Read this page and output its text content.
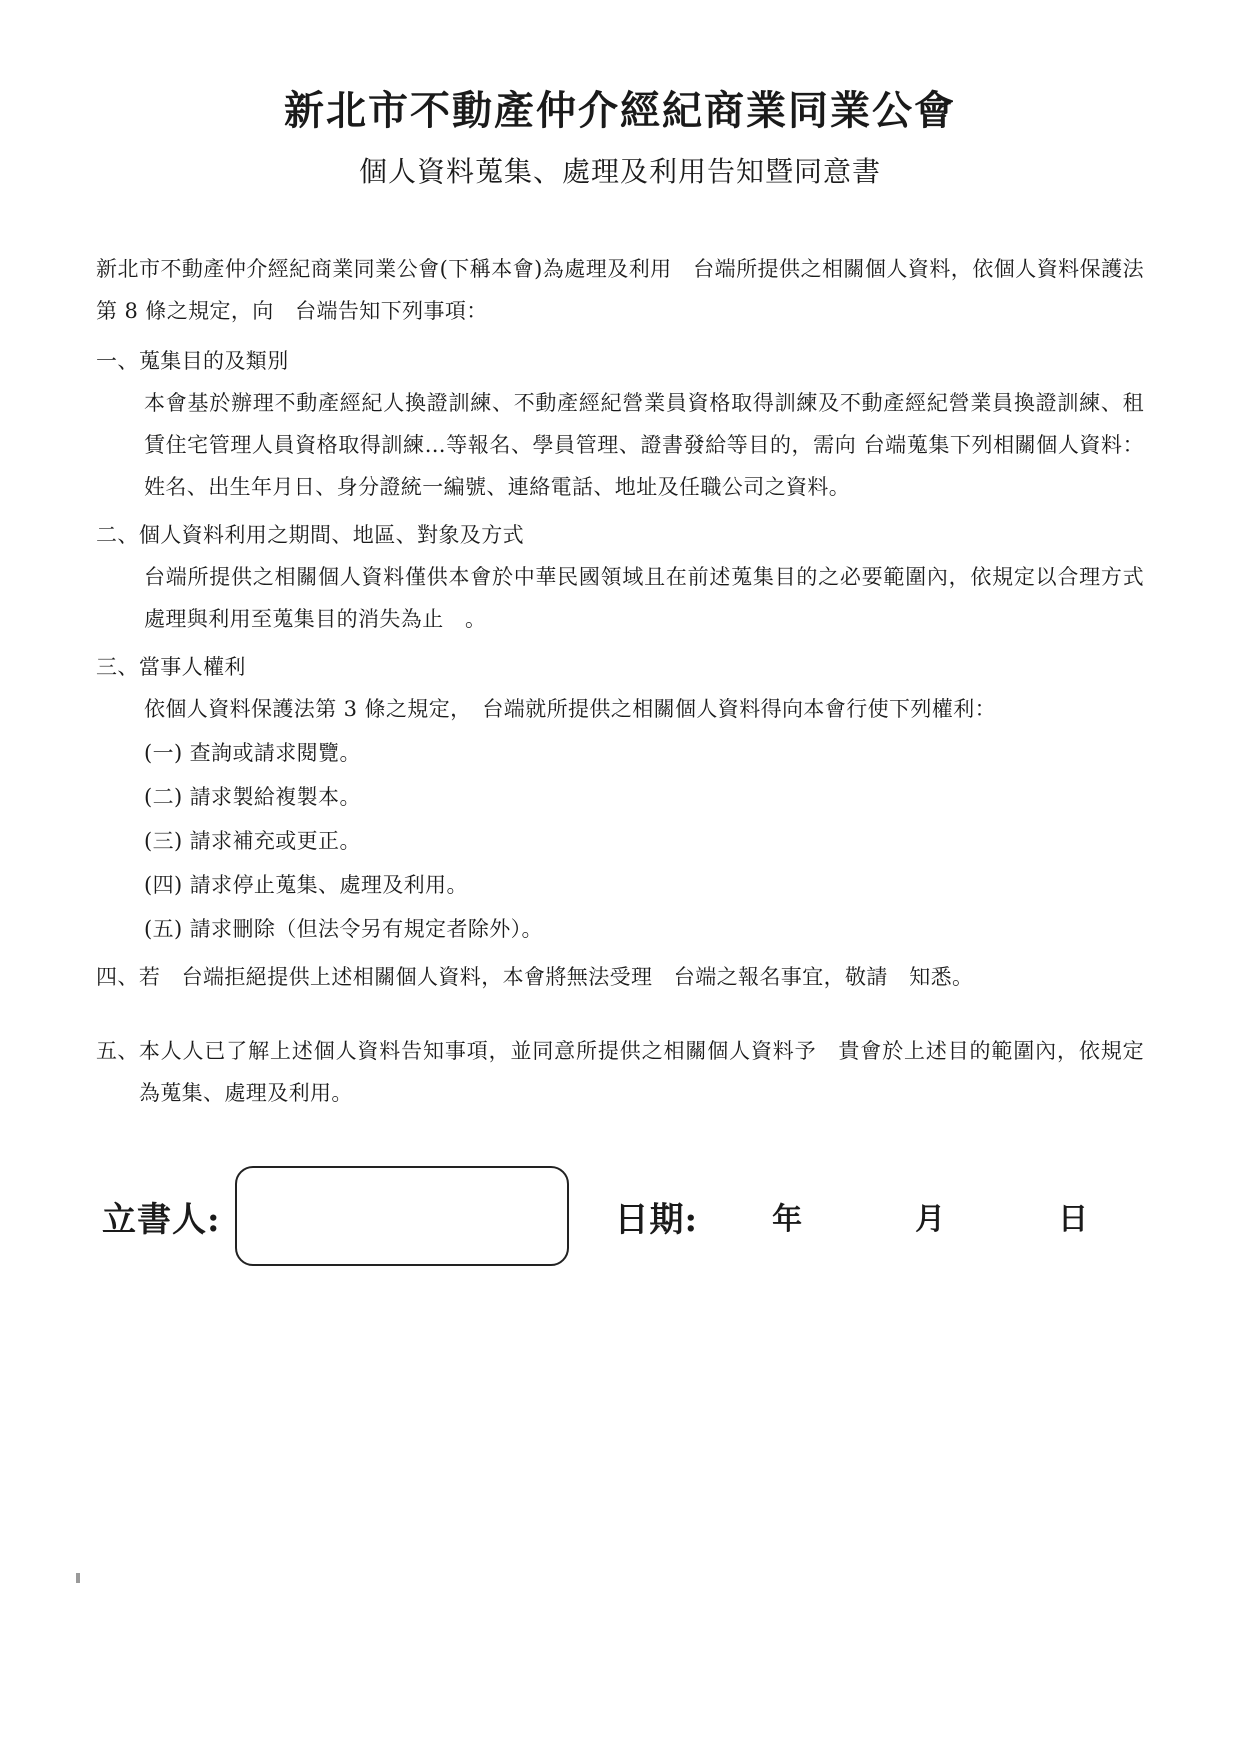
新北市不動產仲介經紀商業同業公會
個人資料蒐集、處理及利用告知暨同意書

新北市不動產仲介經紀商業同業公會(下稱本會)為處理及利用　台端所提供之相關個人資料，依個人資料保護法第 8 條之規定，向　台端告知下列事項：

一、 蒐集目的及類別

本會基於辦理不動產經紀人換證訓練、不動產經紀營業員資格取得訓練及不動產經紀營業員換證訓練、租賃住宅管理人員資格取得訓練…等報名、學員管理、證書發給等目的，需向 台端蒐集下列相關個人資料：姓名、出生年月日、身分證統一編號、連絡電話、地址及任職公司之資料。

二、 個人資料利用之期間、地區、對象及方式

台端所提供之相關個人資料僅供本會於中華民國領域且在前述蒐集目的之必要範圍內，依規定以合理方式處理與利用至蒐集目的消失為止　。

三、 當事人權利

依個人資料保護法第 3 條之規定，　台端就所提供之相關個人資料得向本會行使下列權利：

(一) 查詢或請求閱覽。

(二) 請求製給複製本。

(三) 請求補充或更正。

(四) 請求停止蒐集、處理及利用。

(五) 請求刪除（但法令另有規定者除外）。

四、 若　台端拒絕提供上述相關個人資料，本會將無法受理　台端之報名事宜，敬請　知悉。
五、 本人人已了解上述個人資料告知事項，並同意所提供之相關個人資料予　貴會於上述目的範圍內，依規定為蒐集、處理及利用。
立書人:	日期: 年	月	日
